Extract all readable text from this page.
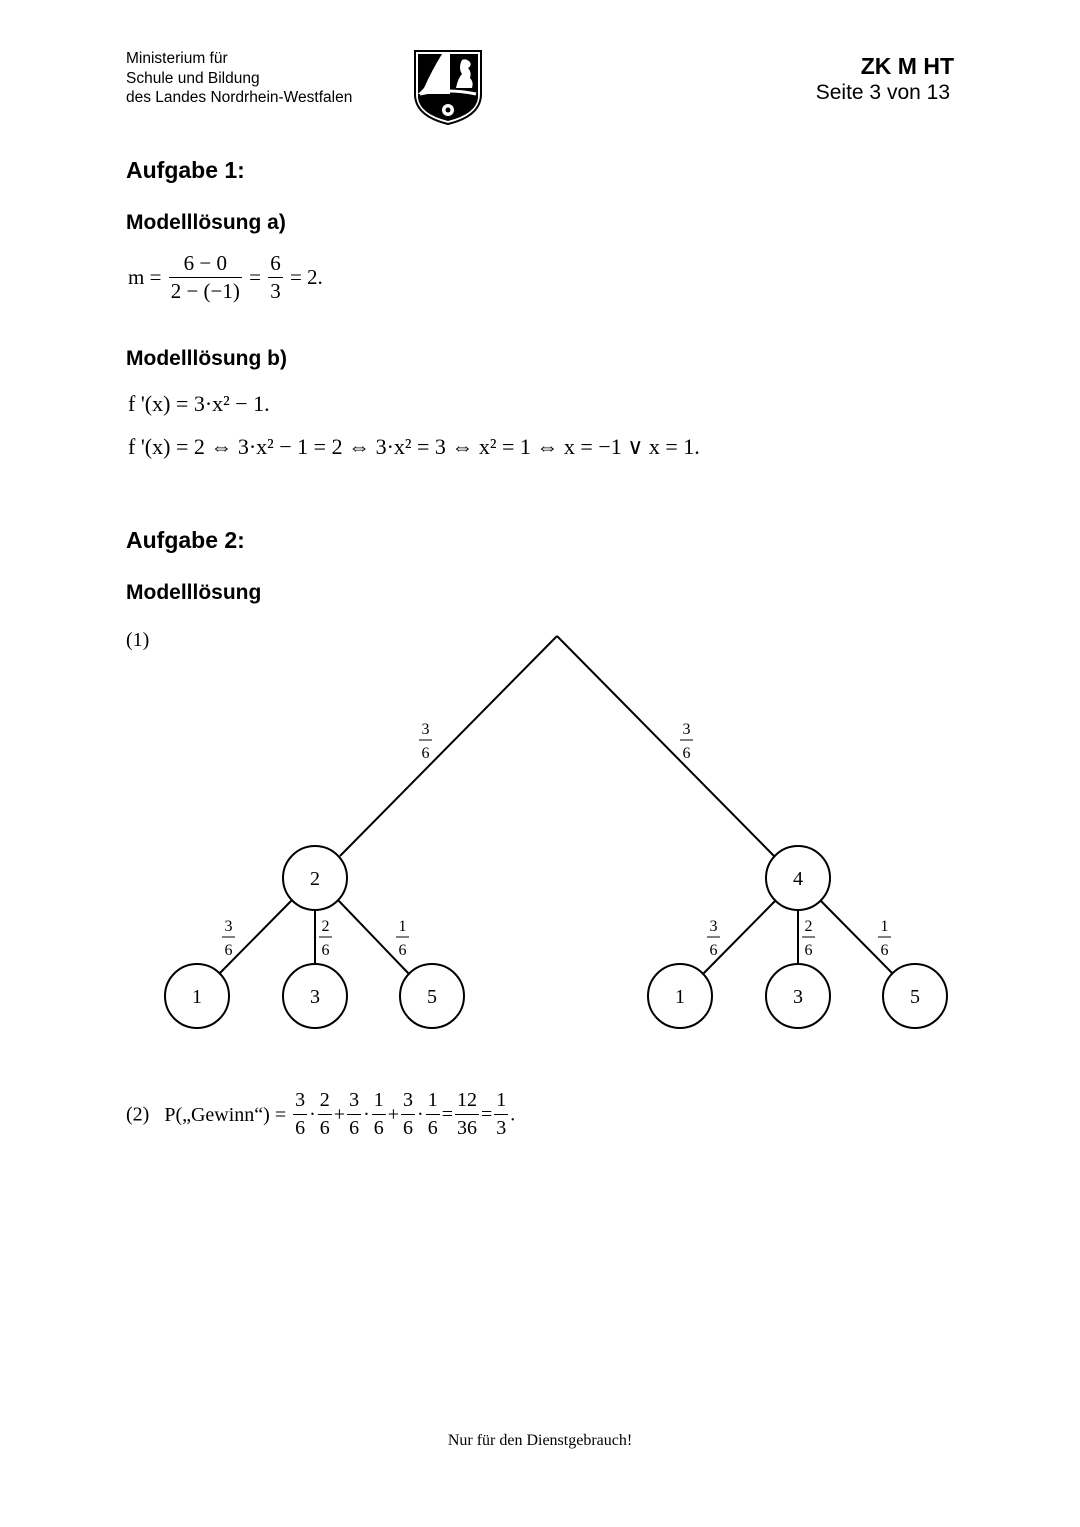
Ministerium für
Schule und Bildung
des Landes Nordrhein-Westfalen
ZK M HT
Seite 3 von 13
Aufgabe 1:
Modelllösung a)
$m = \frac{6 - 0}{2 - (-1)} = \frac{6}{3} = 2$.
Modelllösung b)
f '(x) = 3·x² − 1.
f '(x) = 2 ⇔ 3·x² − 1 = 2 ⇔ 3·x² = 3 ⇔ x² = 1 ⇔ x = −1 ∨ x = 1.
Aufgabe 2:
Modelllösung
(1)
2	4
1	3	5	1	3	5
3
6
3
6
3
6
2
6
1
6
3
6
2
6
1
6
(2) P(„Gewinn“) = $\frac{3}{6} \cdot \frac{2}{6} + \frac{3}{6} \cdot \frac{1}{6} + \frac{3}{6} \cdot \frac{1}{6} = \frac{12}{36} = \frac{1}{3}$ .
Nur für den Dienstgebrauch!
